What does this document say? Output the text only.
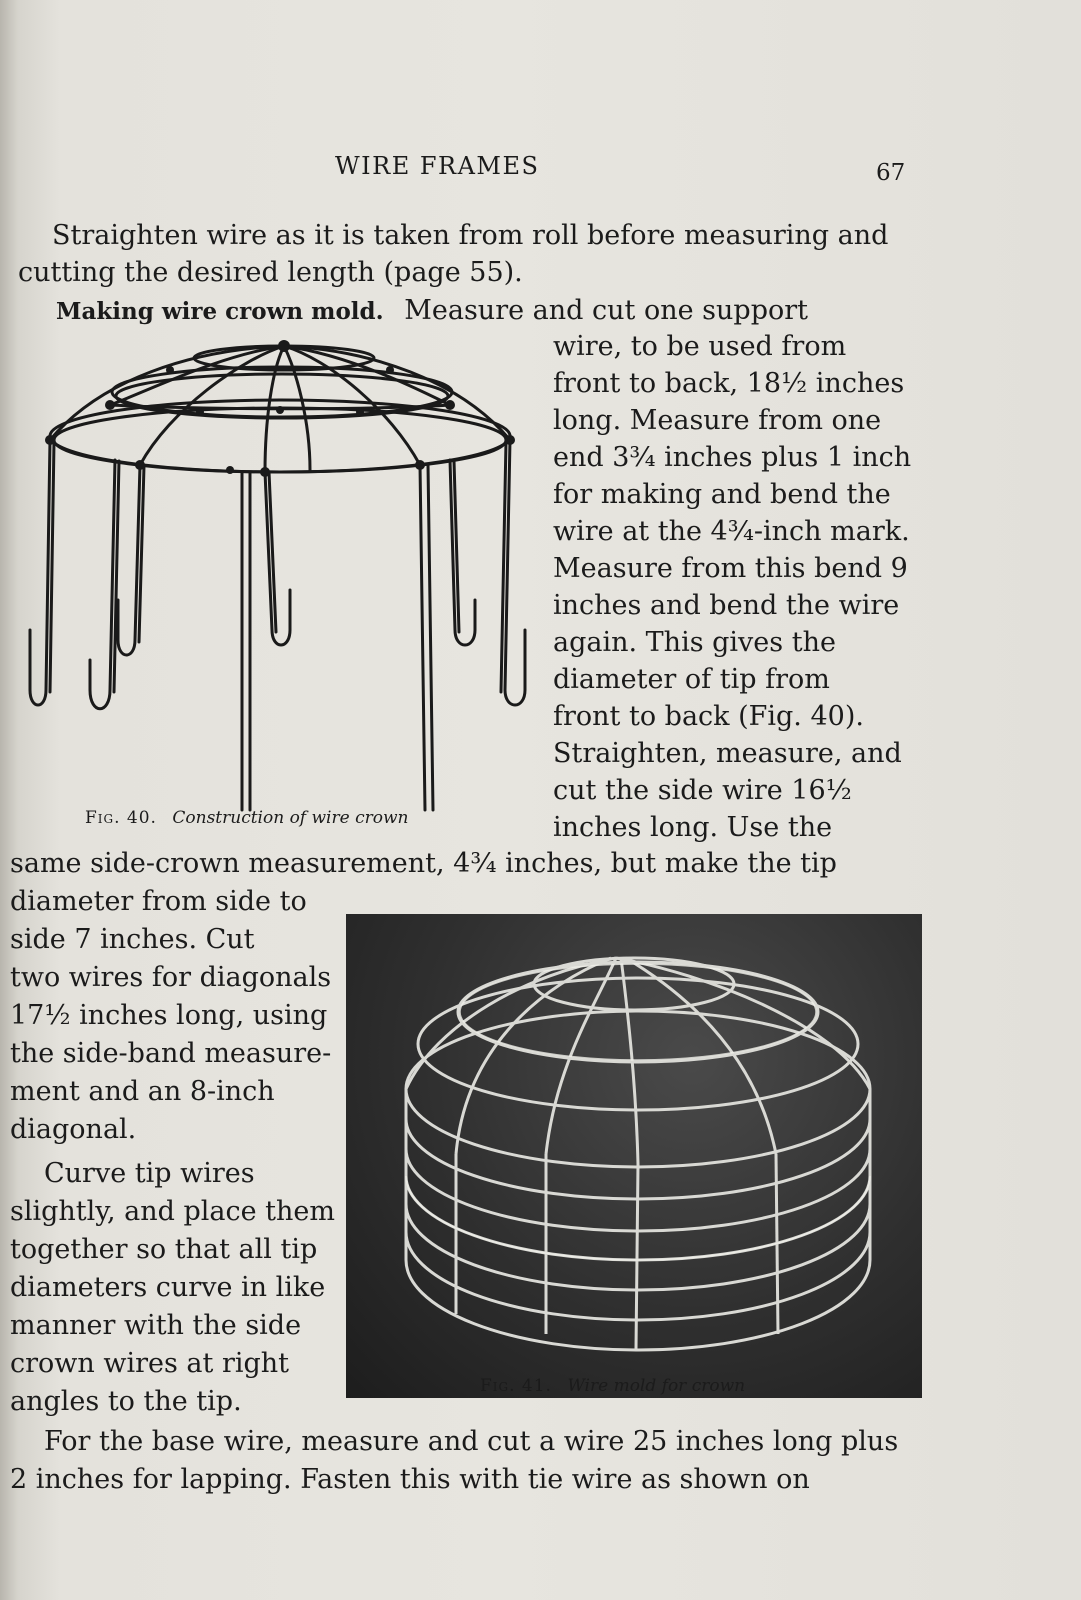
WIRE FRAMES	67
Straighten wire as it is taken from roll before measuring and
cutting the desired length (page 55).
Making wire crown mold. Measure and cut one support
wire, to be used from
front to back, 18½ inches
long. Measure from one
end 3¾ inches plus 1 inch
for making and bend the
wire at the 4¾-inch mark.
Measure from this bend 9
inches and bend the wire
again. This gives the
diameter of tip from
front to back (Fig. 40).
Straighten, measure, and
cut the side wire 16½
inches long. Use the
Fig. 40. Construction of wire crown
same side-crown measurement, 4¾ inches, but make the tip
diameter from side to
side 7 inches. Cut
two wires for diagonals
17½ inches long, using
the side-band measure-
ment and an 8-inch
diagonal.
Curve tip wires
slightly, and place them
together so that all tip
diameters curve in like
manner with the side
crown wires at right
angles to the tip.	Fig. 41. Wire mold for crown
For the base wire, measure and cut a wire 25 inches long plus
2 inches for lapping. Fasten this with tie wire as shown on
